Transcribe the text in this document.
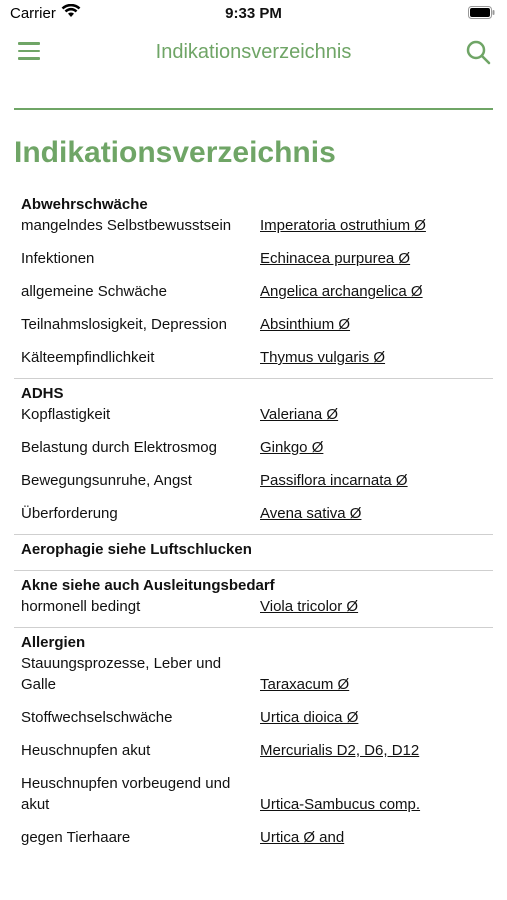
Carrier	9:33 PM
Indikationsverzeichnis
Indikationsverzeichnis
Abwehrschwäche
mangelndes Selbstbewusstsein	Imperatoria ostruthium Ø
Infektionen	Echinacea purpurea Ø
allgemeine Schwäche	Angelica archangelica Ø
Teilnahmslosigkeit, Depression	Absinthium Ø
Kälteempfindlichkeit	Thymus vulgaris Ø
ADHS
Kopflastigkeit	Valeriana Ø
Belastung durch Elektrosmog	Ginkgo Ø
Bewegungsunruhe, Angst	Passiflora incarnata Ø
Überforderung	Avena sativa Ø
Aerophagie siehe Luftschlucken
Akne siehe auch Ausleitungsbedarf
hormonell bedingt	Viola tricolor Ø
Allergien
Stauungsprozesse, Leber und Galle	Taraxacum Ø
Stoffwechselschwäche	Urtica dioica Ø
Heuschnupfen akut	Mercurialis D2, D6, D12
Heuschnupfen vorbeugend und akut	Urtica-Sambucus comp.
gegen Tierhaare	Urtica Ø and
